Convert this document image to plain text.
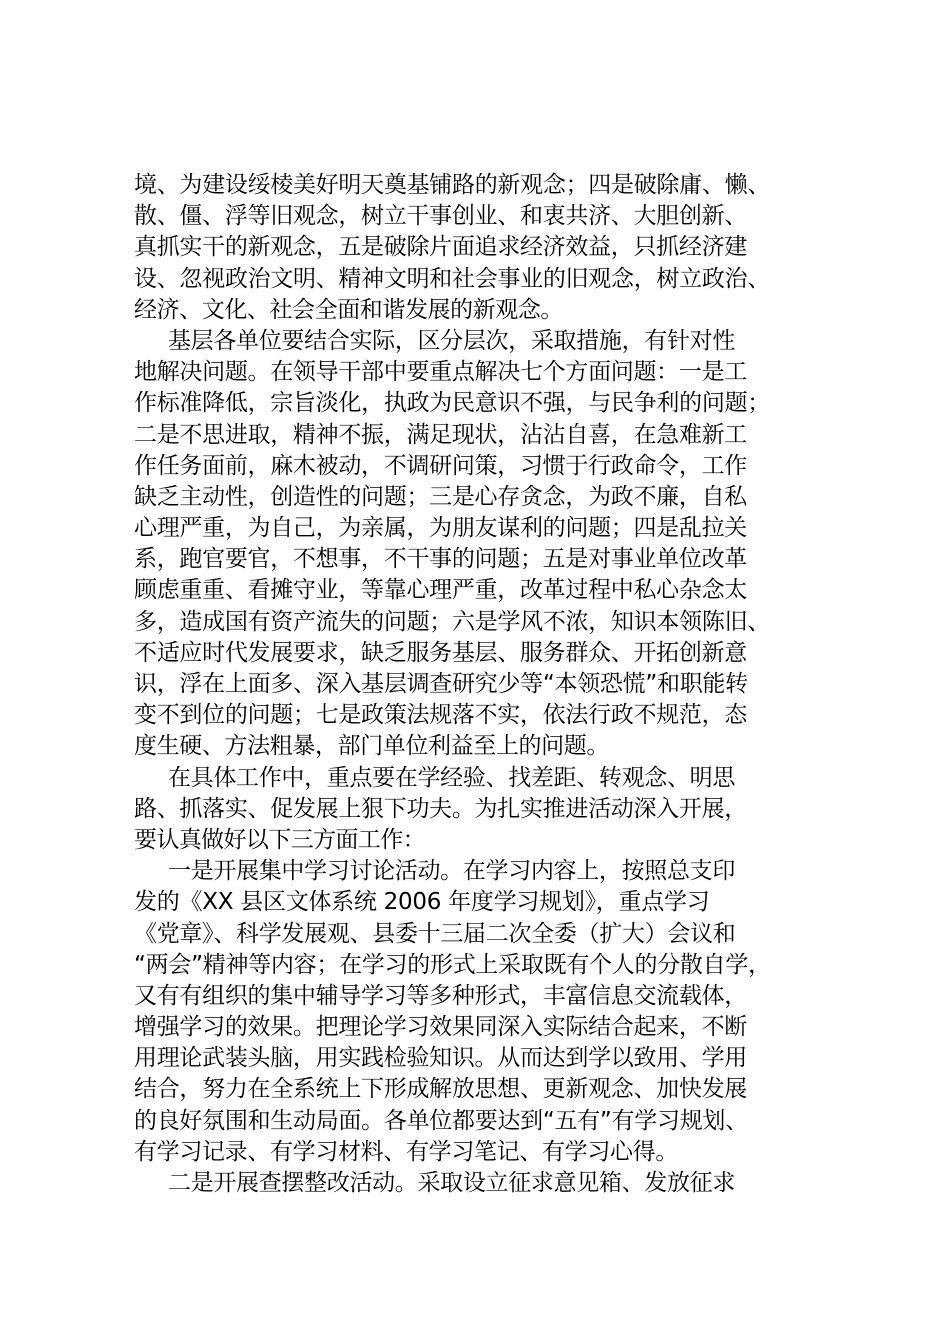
境、为建设绥棱美好明天奠基铺路的新观念；四是破除庸、懒、
散、僵、浮等旧观念，树立干事创业、和衷共济、大胆创新、
真抓实干的新观念，五是破除片面追求经济效益，只抓经济建
设、忽视政治文明、精神文明和社会事业的旧观念，树立政治、
经济、文化、社会全面和谐发展的新观念。
基层各单位要结合实际，区分层次，采取措施，有针对性
地解决问题。在领导干部中要重点解决七个方面问题：一是工
作标准降低，宗旨淡化，执政为民意识不强，与民争利的问题；
二是不思进取，精神不振，满足现状，沾沾自喜，在急难新工
作任务面前，麻木被动，不调研问策，习惯于行政命令，工作
缺乏主动性，创造性的问题；三是心存贪念，为政不廉，自私
心理严重，为自己，为亲属，为朋友谋利的问题；四是乱拉关
系，跑官要官，不想事，不干事的问题；五是对事业单位改革
顾虑重重、看摊守业，等靠心理严重，改革过程中私心杂念太
多，造成国有资产流失的问题；六是学风不浓，知识本领陈旧、
不适应时代发展要求，缺乏服务基层、服务群众、开拓创新意
识，浮在上面多、深入基层调查研究少等“本领恐慌”和职能转
变不到位的问题；七是政策法规落不实，依法行政不规范，态
度生硬、方法粗暴，部门单位利益至上的问题。
在具体工作中，重点要在学经验、找差距、转观念、明思
路、抓落实、促发展上狠下功夫。为扎实推进活动深入开展，
要认真做好以下三方面工作：
一是开展集中学习讨论活动。在学习内容上，按照总支印
发的《XX 县区文体系统 2006 年度学习规划》，重点学习
《党章》、科学发展观、县委十三届二次全委（扩大）会议和
“两会”精神等内容；在学习的形式上采取既有个人的分散自学，
又有有组织的集中辅导学习等多种形式，丰富信息交流载体，
增强学习的效果。把理论学习效果同深入实际结合起来，不断
用理论武装头脑，用实践检验知识。从而达到学以致用、学用
结合，努力在全系统上下形成解放思想、更新观念、加快发展
的良好氛围和生动局面。各单位都要达到“五有”有学习规划、
有学习记录、有学习材料、有学习笔记、有学习心得。
二是开展查摆整改活动。采取设立征求意见箱、发放征求
